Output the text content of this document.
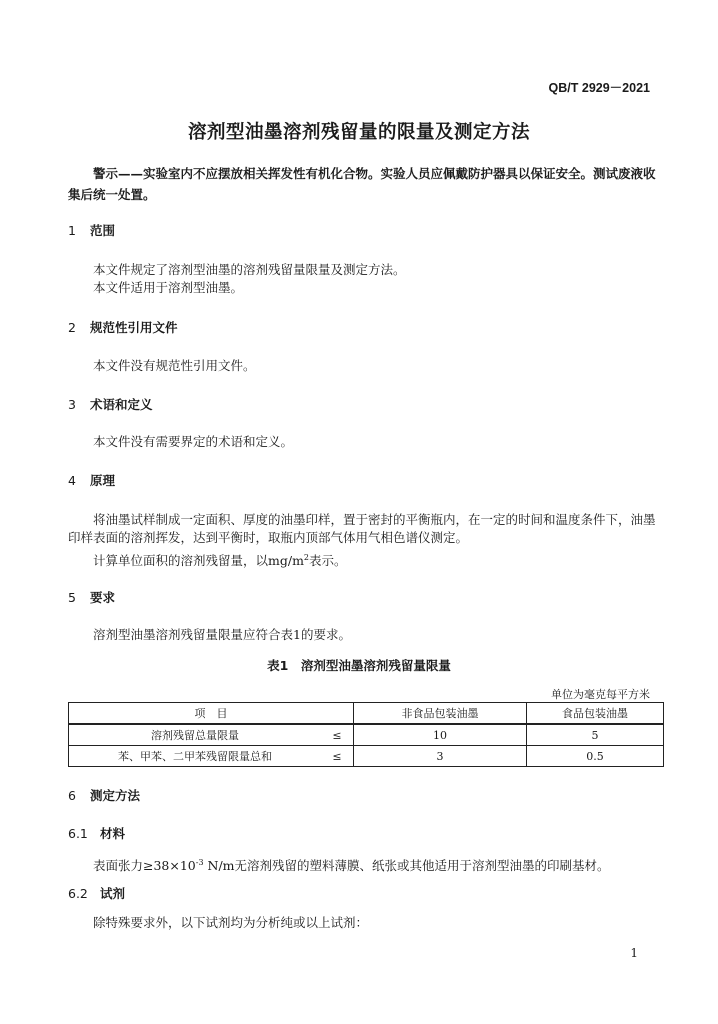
QB/T 2929－2021
溶剂型油墨溶剂残留量的限量及测定方法
警示——实验室内不应摆放相关挥发性有机化合物。实验人员应佩戴防护器具以保证安全。测试废液收集后统一处置。
1 范围
本文件规定了溶剂型油墨的溶剂残留量限量及测定方法。
本文件适用于溶剂型油墨。
2 规范性引用文件
本文件没有规范性引用文件。
3 术语和定义
本文件没有需要界定的术语和定义。
4 原理
将油墨试样制成一定面积、厚度的油墨印样，置于密封的平衡瓶内，在一定的时间和温度条件下，油墨印样表面的溶剂挥发，达到平衡时，取瓶内顶部气体用气相色谱仪测定。
计算单位面积的溶剂残留量，以$mg/m^2$表示。
5 要求
溶剂型油墨溶剂残留量限量应符合表1的要求。
表1　溶剂型油墨溶剂残留量限量
单位为毫克每平方米
项　目		非食品包装油墨	食品包装油墨
溶剂残留总量限量	≤	10	5
苯、甲苯、二甲苯残留限量总和	≤	3	0.5
6 测定方法
6.1 材料
表面张力$\ge 38\times 10^{-3}$ N/m无溶剂残留的塑料薄膜、纸张或其他适用于溶剂型油墨的印刷基材。
6.2 试剂
除特殊要求外，以下试剂均为分析纯或以上试剂：
1
